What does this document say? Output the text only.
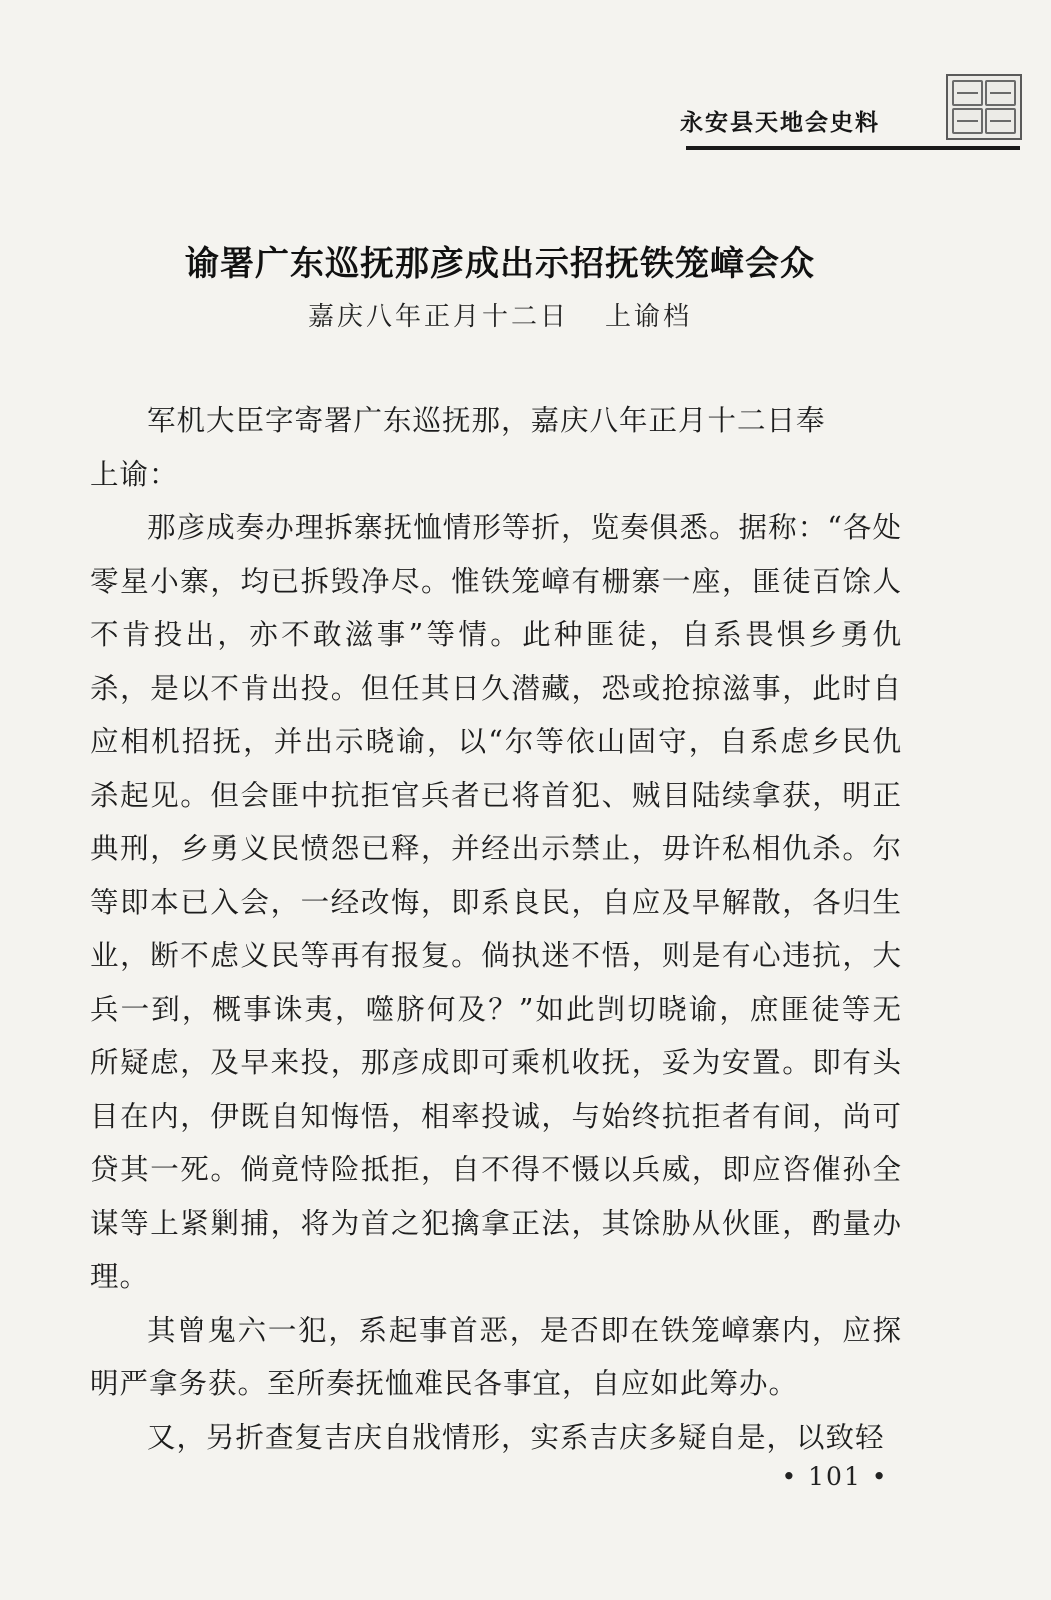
永安县天地会史料
谕署广东巡抚那彦成出示招抚铁笼嶂会众
嘉庆八年正月十二日 上谕档

军机大臣字寄署广东巡抚那，嘉庆八年正月十二日奉

上谕：

那彦成奏办理拆寨抚恤情形等折，览奏俱悉。据称：“各处零星小寨，均已拆毁净尽。惟铁笼嶂有栅寨一座，匪徒百馀人不肯投出，亦不敢滋事”等情。此种匪徒，自系畏惧乡勇仇杀，是以不肯出投。但任其日久潜藏，恐或抢掠滋事，此时自应相机招抚，并出示晓谕，以“尔等依山固守，自系虑乡民仇杀起见。但会匪中抗拒官兵者已将首犯、贼目陆续拿获，明正典刑，乡勇义民愤怨已释，并经出示禁止，毋许私相仇杀。尔等即本已入会，一经改悔，即系良民，自应及早解散，各归生业，断不虑义民等再有报复。倘执迷不悟，则是有心违抗，大兵一到，概事诛夷，噬脐何及？”如此剀切晓谕，庶匪徒等无所疑虑，及早来投，那彦成即可乘机收抚，妥为安置。即有头目在内，伊既自知悔悟，相率投诚，与始终抗拒者有间，尚可贷其一死。倘竟恃险抵拒，自不得不慑以兵威，即应咨催孙全谋等上紧剿捕，将为首之犯擒拿正法，其馀胁从伙匪，酌量办理。

其曾鬼六一犯，系起事首恶，是否即在铁笼嶂寨内，应探明严拿务获。至所奏抚恤难民各事宜，自应如此筹办。

又，另折查复吉庆自戕情形，实系吉庆多疑自是，以致轻

• 101 •
